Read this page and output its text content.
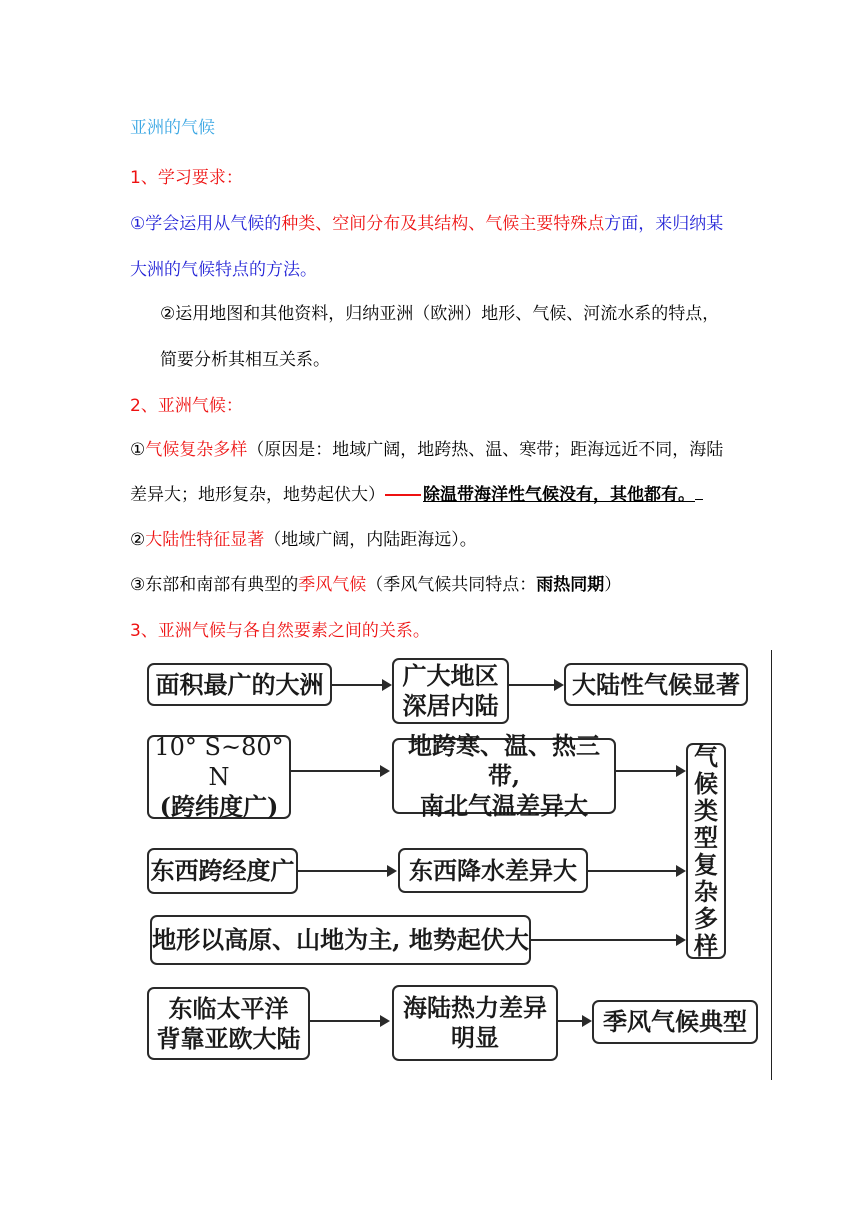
亚洲的气候
1、学习要求：
①学会运用从气候的种类、空间分布及其结构、气候主要特殊点方面，来归纳某
大洲的气候特点的方法。
②运用地图和其他资料，归纳亚洲（欧洲）地形、气候、河流水系的特点，
简要分析其相互关系。
2、亚洲气候：
①气候复杂多样（原因是：地域广阔，地跨热、温、寒带；距海远近不同，海陆
差异大；地形复杂，地势起伏大） 除温带海洋性气候没有，其他都有。
②大陆性特征显著（地域广阔，内陆距海远）。
③东部和南部有典型的季风气候（季风气候共同特点：雨热同期）
3、亚洲气候与各自然要素之间的关系。
面积最广的大洲	广大地区
深居内陆
大陆性气候显著
10° S~80° N
(跨纬度广)
地跨寒、温、热三带,
南北气温差异大
气
候
类
型
复
杂
多
样
东西跨经度广	东西降水差异大
地形以高原、山地为主, 地势起伏大
东临太平洋
背靠亚欧大陆
海陆热力差异
明显
季风气候典型
